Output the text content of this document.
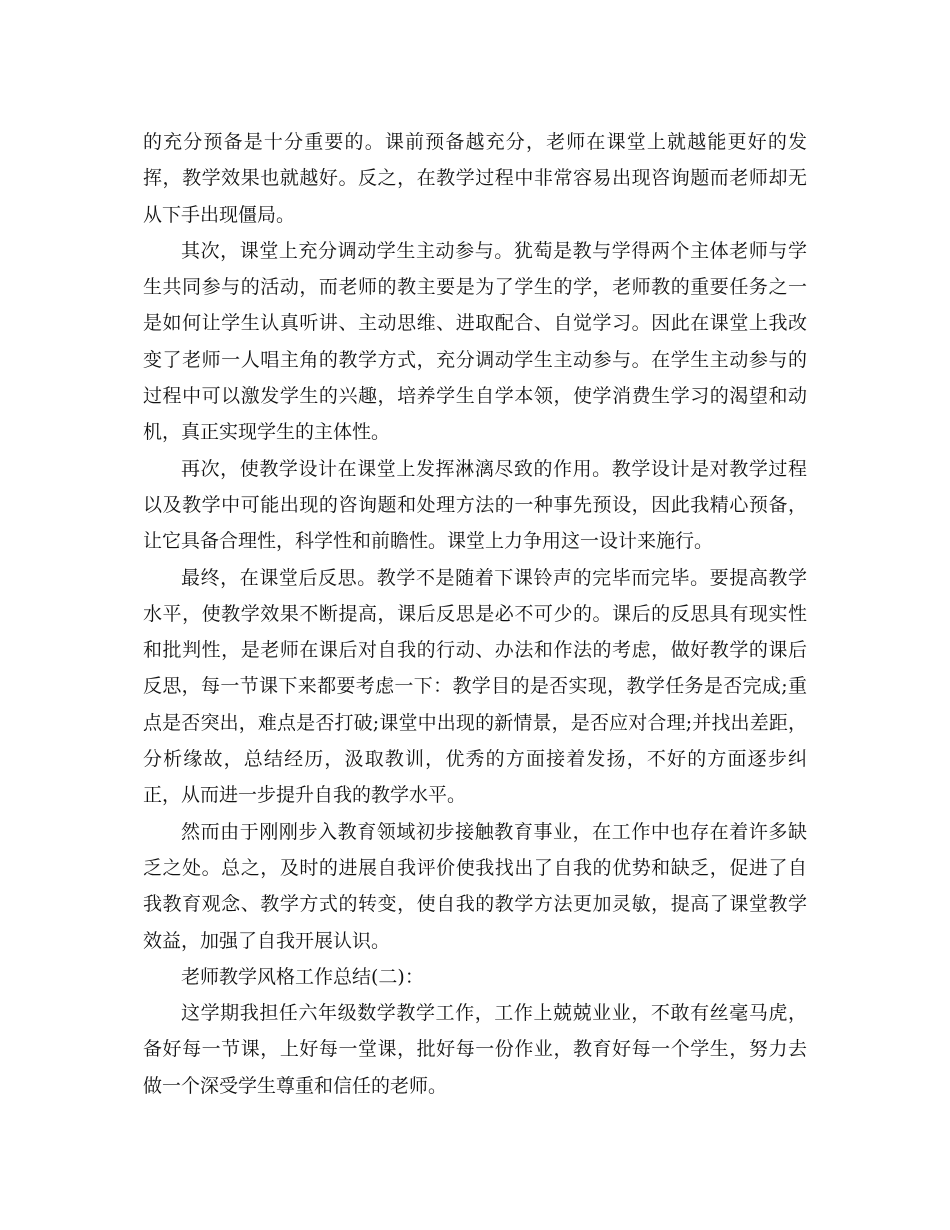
的充分预备是十分重要的。课前预备越充分，老师在课堂上就越能更好的发挥，教学效果也就越好。反之，在教学过程中非常容易出现咨询题而老师却无从下手出现僵局。

其次，课堂上充分调动学生主动参与。犹萄是教与学得两个主体老师与学生共同参与的活动，而老师的教主要是为了学生的学，老师教的重要任务之一是如何让学生认真听讲、主动思维、进取配合、自觉学习。因此在课堂上我改变了老师一人唱主角的教学方式，充分调动学生主动参与。在学生主动参与的过程中可以激发学生的兴趣，培养学生自学本领，使学消费生学习的渴望和动机，真正实现学生的主体性。

再次，使教学设计在课堂上发挥淋漓尽致的作用。教学设计是对教学过程以及教学中可能出现的咨询题和处理方法的一种事先预设，因此我精心预备，让它具备合理性，科学性和前瞻性。课堂上力争用这一设计来施行。

最终，在课堂后反思。教学不是随着下课铃声的完毕而完毕。要提高教学水平，使教学效果不断提高，课后反思是必不可少的。课后的反思具有现实性和批判性，是老师在课后对自我的行动、办法和作法的考虑，做好教学的课后反思，每一节课下来都要考虑一下：教学目的是否实现，教学任务是否完成;重点是否突出，难点是否打破;课堂中出现的新情景，是否应对合理;并找出差距，分析缘故，总结经历，汲取教训，优秀的方面接着发扬，不好的方面逐步纠正，从而进一步提升自我的教学水平。

然而由于刚刚步入教育领域初步接触教育事业，在工作中也存在着许多缺乏之处。总之，及时的进展自我评价使我找出了自我的优势和缺乏，促进了自我教育观念、教学方式的转变，使自我的教学方法更加灵敏，提高了课堂教学效益，加强了自我开展认识。

老师教学风格工作总结(二)：

这学期我担任六年级数学教学工作，工作上兢兢业业，不敢有丝毫马虎，备好每一节课，上好每一堂课，批好每一份作业，教育好每一个学生，努力去做一个深受学生尊重和信任的老师。
